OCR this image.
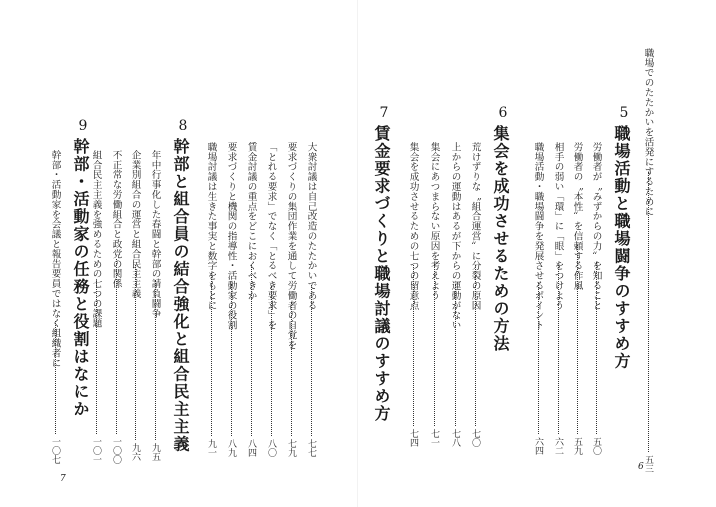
職場でのたたかいを活発にするために
五三
5
職場活動と職場闘争のすすめ方
労働者が〝みずからの力〟を知ること
五〇
労働者の〝本性〟を信頼する作風
五九
相手の弱い「環」に「眼」をつけよう
六二
職場活動・職場闘争を発展させるポイント
六四
6
集会を成功させるための方法
荒けずりな〝組合運営〟に分裂の原因
七〇
上からの運動はあるが下からの運動がない
七八
集会にあつまらない原因を考えよう
七一
集会を成功させるための七つの留意点
七四
7
賃金要求づくりと職場討議のすすめ方
大衆討議は自己改造のたたかいである
七七
要求づくりの集団作業を通して労働者の自覚を
七九
「とれる要求」でなく「とるべき要求」を
八〇
賃金討議の重点をどこにおくべきか
八四
要求づくりと機関の指導性・活動家の役割
八九
職場討議は生きた事実と数字をもとに
九一
8
幹部と組合員の結合強化と組合民主主義
年中行事化した春闘と幹部の請負闘争
九五
企業別組合の運営と組合民主主義
九六
不正常な労働組合と政党の関係
一〇〇
組合民主主義を強めるための七つの課題
一〇一
9
幹部・活動家の任務と役割はなにか
幹部・活動家を会議と報告要員ではなく組織者に
一〇七
6
7
